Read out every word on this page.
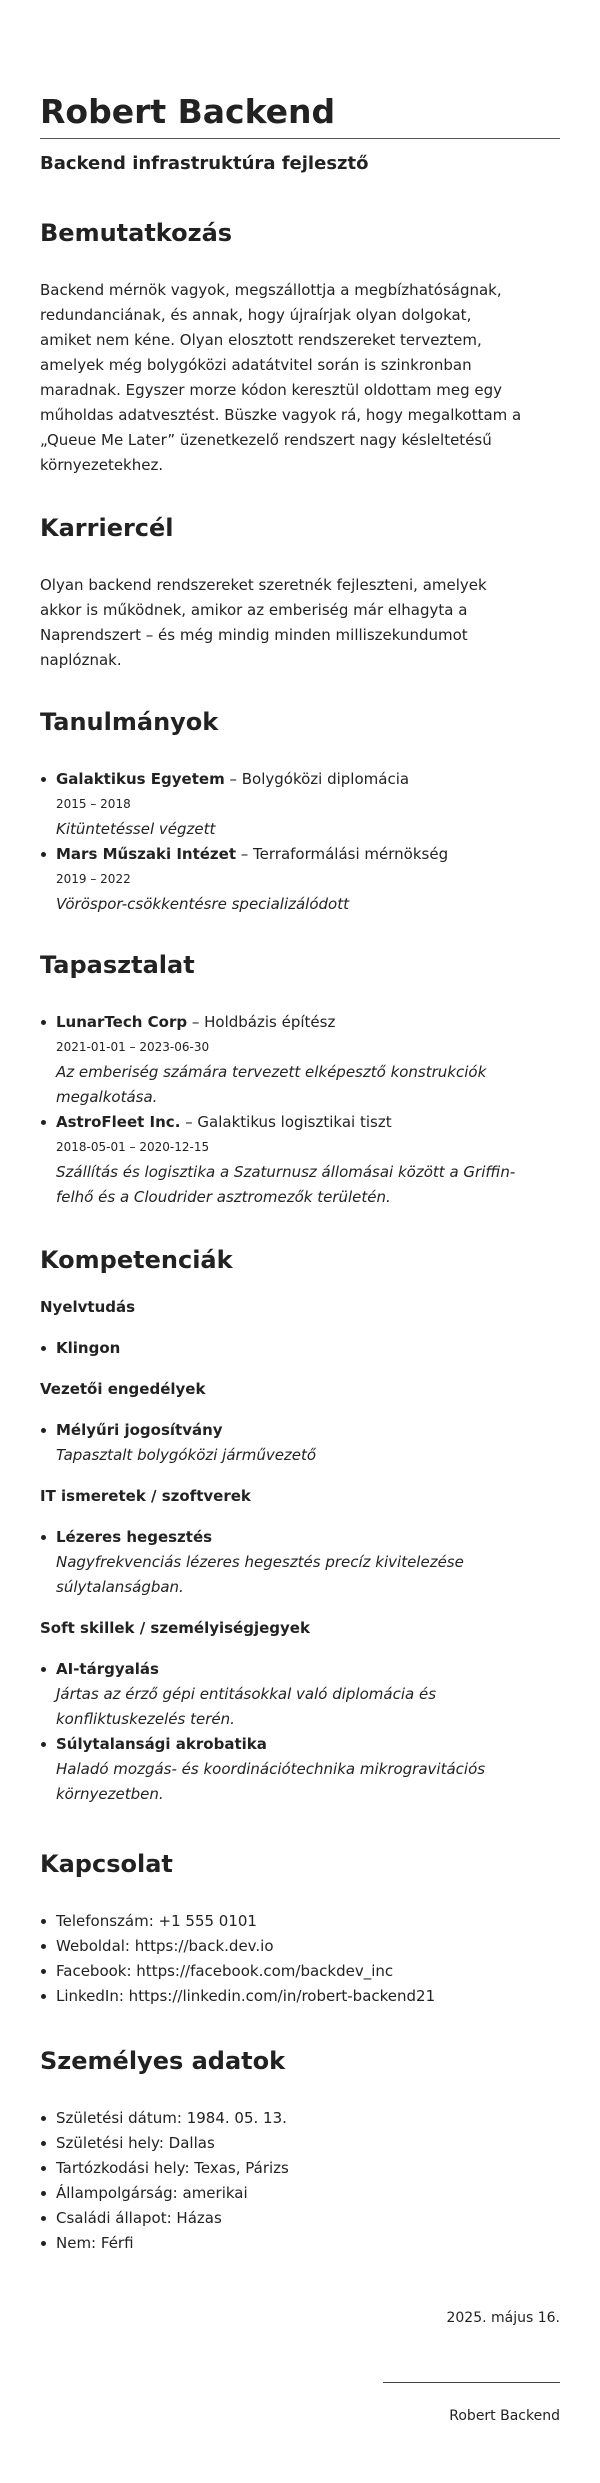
Robert Backend
Backend infrastruktúra fejlesztő
Bemutatkozás
Backend mérnök vagyok, megszállottja a megbízhatóságnak,
redundanciának, és annak, hogy újraírjak olyan dolgokat,
amiket nem kéne. Olyan elosztott rendszereket terveztem,
amelyek még bolygóközi adatátvitel során is szinkronban
maradnak. Egyszer morze kódon keresztül oldottam meg egy
műholdas adatvesztést. Büszke vagyok rá, hogy megalkottam a
„Queue Me Later” üzenetkezelő rendszert nagy késleltetésű
környezetekhez.
Karriercél
Olyan backend rendszereket szeretnék fejleszteni, amelyek
akkor is működnek, amikor az emberiség már elhagyta a
Naprendszert – és még mindig minden milliszekundumot
naplóznak.
Tanulmányok
Galaktikus Egyetem – Bolygóközi diplomácia
2015 – 2018
Kitüntetéssel végzett
Mars Műszaki Intézet – Terraformálási mérnökség
2019 – 2022
Vöröspor-csökkentésre specializálódott
Tapasztalat
LunarTech Corp – Holdbázis építész
2021-01-01 – 2023-06-30
Az emberiség számára tervezett elképesztő konstrukciók
megalkotása.
AstroFleet Inc. – Galaktikus logisztikai tiszt
2018-05-01 – 2020-12-15
Szállítás és logisztika a Szaturnusz állomásai között a Griffin-
felhő és a Cloudrider asztromezők területén.
Kompetenciák
Nyelvtudás
Klingon
Vezetői engedélyek
Mélyűri jogosítvány
Tapasztalt bolygóközi járművezető
IT ismeretek / szoftverek
Lézeres hegesztés
Nagyfrekvenciás lézeres hegesztés precíz kivitelezése
súlytalanságban.
Soft skillek / személyiségjegyek
AI-tárgyalás
Jártas az érző gépi entitásokkal való diplomácia és
konfliktuskezelés terén.
Súlytalansági akrobatika
Haladó mozgás- és koordinációtechnika mikrogravitációs
környezetben.
Kapcsolat
Telefonszám: +1 555 0101
Weboldal: https://back.dev.io
Facebook: https://facebook.com/backdev_inc
LinkedIn: https://linkedin.com/in/robert-backend21
Személyes adatok
Születési dátum: 1984. 05. 13.
Születési hely: Dallas
Tartózkodási hely: Texas, Párizs
Állampolgárság: amerikai
Családi állapot: Házas
Nem: Férfi
2025. május 16.
Robert Backend
